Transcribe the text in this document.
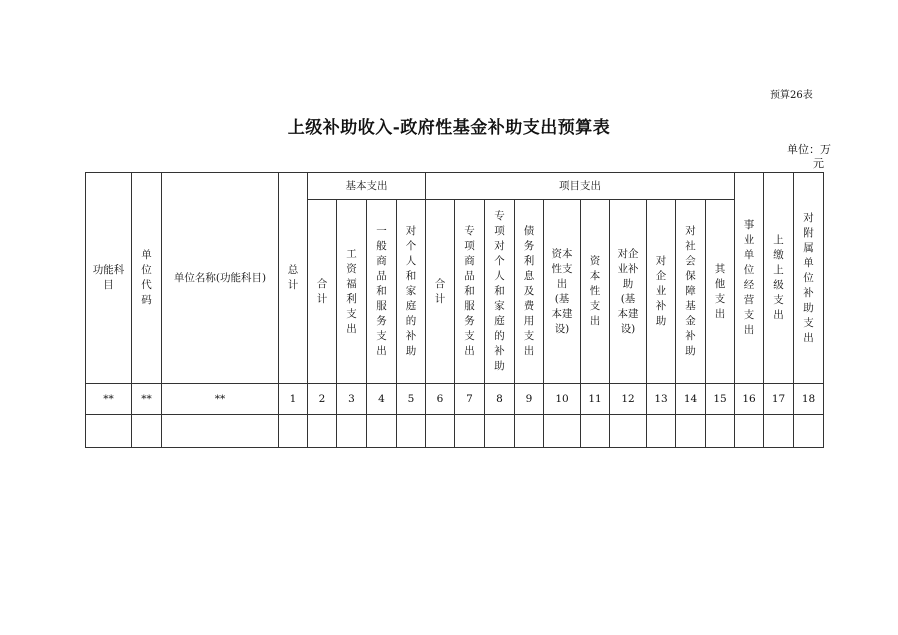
预算26表
上级补助收入-政府性基金补助支出预算表
单位：万
元
功能科目	单位代码	单位名称(功能科目)	总计	基本支出				项目支出										事业单位经营支出	上缴上级支出	对附属单位补助支出
				合计	工资福利支出	一般商品和服务支出	对个人和家庭的补助	合计	专项商品和服务支出	专项对个人和家庭的补助	债务利息及费用支出	资本性支出(基本建设)	资本性支出	对企业补助(基本建设)	对企业补助	对社会保障基金补助	其他支出			
**	**	**	1	2	3	4	5	6	7	8	9	10	11	12	13	14	15	16	17	18
